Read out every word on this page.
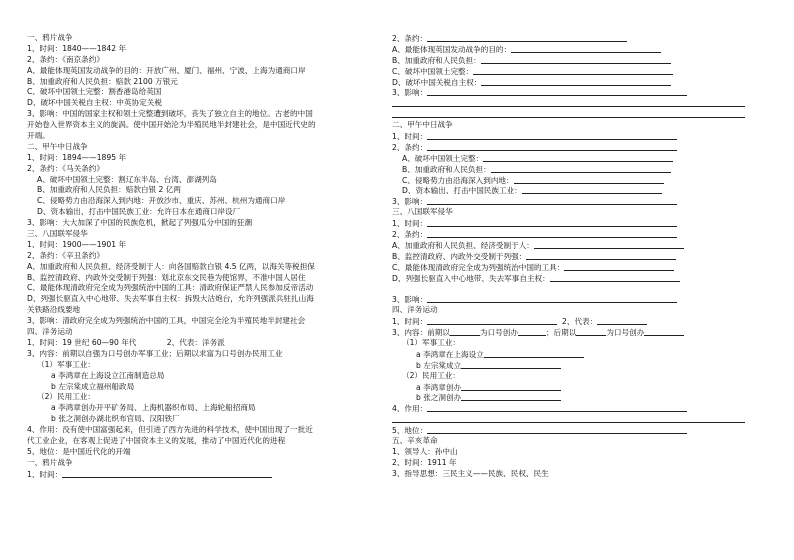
一、鸦片战争
1、时间：1840——1842 年
2、条约：《南京条约》
A、最能体现英国发动战争的目的：开放广州、厦门、福州、宁波、上海为通商口岸
B、加重政府和人民负担：赔款 2100 万银元
C、破坏中国领土完整：割香港岛给英国
D、破坏中国关税自主权：中英协定关税
3、影响：中国的国家主权和领土完整遭到破坏，丧失了独立自主的地位。古老的中国
开始卷入世界资本主义的旋涡。使中国开始沦为半殖民地半封建社会，是中国近代史的
开端。
二、甲午中日战争
1、时间：1894——1895 年
2、条约：《马关条约》
A、破坏中国领土完整：割辽东半岛、台湾、澎湖列岛
B、加重政府和人民负担：赔款白银 2 亿两
C、侵略势力由沿海深入到内地：开放沙市、重庆、苏州、杭州为通商口岸
D、资本输出、打击中国民族工业：允许日本在通商口岸设厂
3、影响：大大加深了中国的民族危机，掀起了列强瓜分中国的狂潮
三、八国联军侵华
1、时间：1900——1901 年
2、条约：《辛丑条约》
A、加重政府和人民负担、经济受制于人：向各国赔款白银 4.5 亿两，以海关等税担保
B、监控清政府、内政外交受制于列强：划北京东交民巷为使馆界，不准中国人居住
C、最能体现清政府完全成为列强统治中国的工具：清政府保证严禁人民参加反帝活动
D、列强长驱直入中心地带、失去军事自主权：拆毁大沽炮台，允许列强派兵驻扎山海
关铁路沿线要地
3、影响：清政府完全成为列强统治中国的工具，中国完全沦为半殖民地半封建社会
四、洋务运动
1、时间：19 世纪 60—90 年代　　　　2、代表：洋务派
3、内容：前期以自强为口号创办军事工业；后期以求富为口号创办民用工业
（1）军事工业：
a 李鸿章在上海设立江南制造总局
b 左宗棠成立福州船政局
（2）民用工业：
a 李鸿章创办开平矿务局、上海机器织布局、上海轮船招商局
b 张之洞创办湖北织布官局、汉阳铁厂
4、作用：没有使中国富强起来，但引进了西方先进的科学技术，使中国出现了一批近
代工业企业，在客观上促进了中国资本主义的发展，推动了中国近代化的进程
5、地位：是中国近代化的开端
一、鸦片战争
1、时间：
2、条约：
A、最能体现英国发动战争的目的：
B、加重政府和人民负担：
C、破坏中国领土完整：
D、破坏中国关税自主权：
3、影响：
二、甲午中日战争
1、时间：
2、条约：
A、破坏中国领土完整：
B、加重政府和人民负担：
C、侵略势力由沿海深入到内地：
D、资本输出、打击中国民族工业：
3、影响：
三、八国联军侵华
1、时间：
2、条约：
A、加重政府和人民负担、经济受制于人：
B、监控清政府、内政外交受制于列强：
C、最能体现清政府完全成为列强统治中国的工具：
D、列强长驱直入中心地带、失去军事自主权：
3、影响：
四、洋务运动
1、时间：	2、代表：
3、内容：前期以	为口号创办	；后期以	为口号创办
（1）军事工业：
a 李鸿章在上海设立
b 左宗棠成立
（2）民用工业：
a 李鸿章创办
b 张之洞创办
4、作用：
5、地位：
五、辛亥革命
1、领导人：孙中山
2、时间：1911 年
3、指导思想：三民主义——民族、民权、民生
